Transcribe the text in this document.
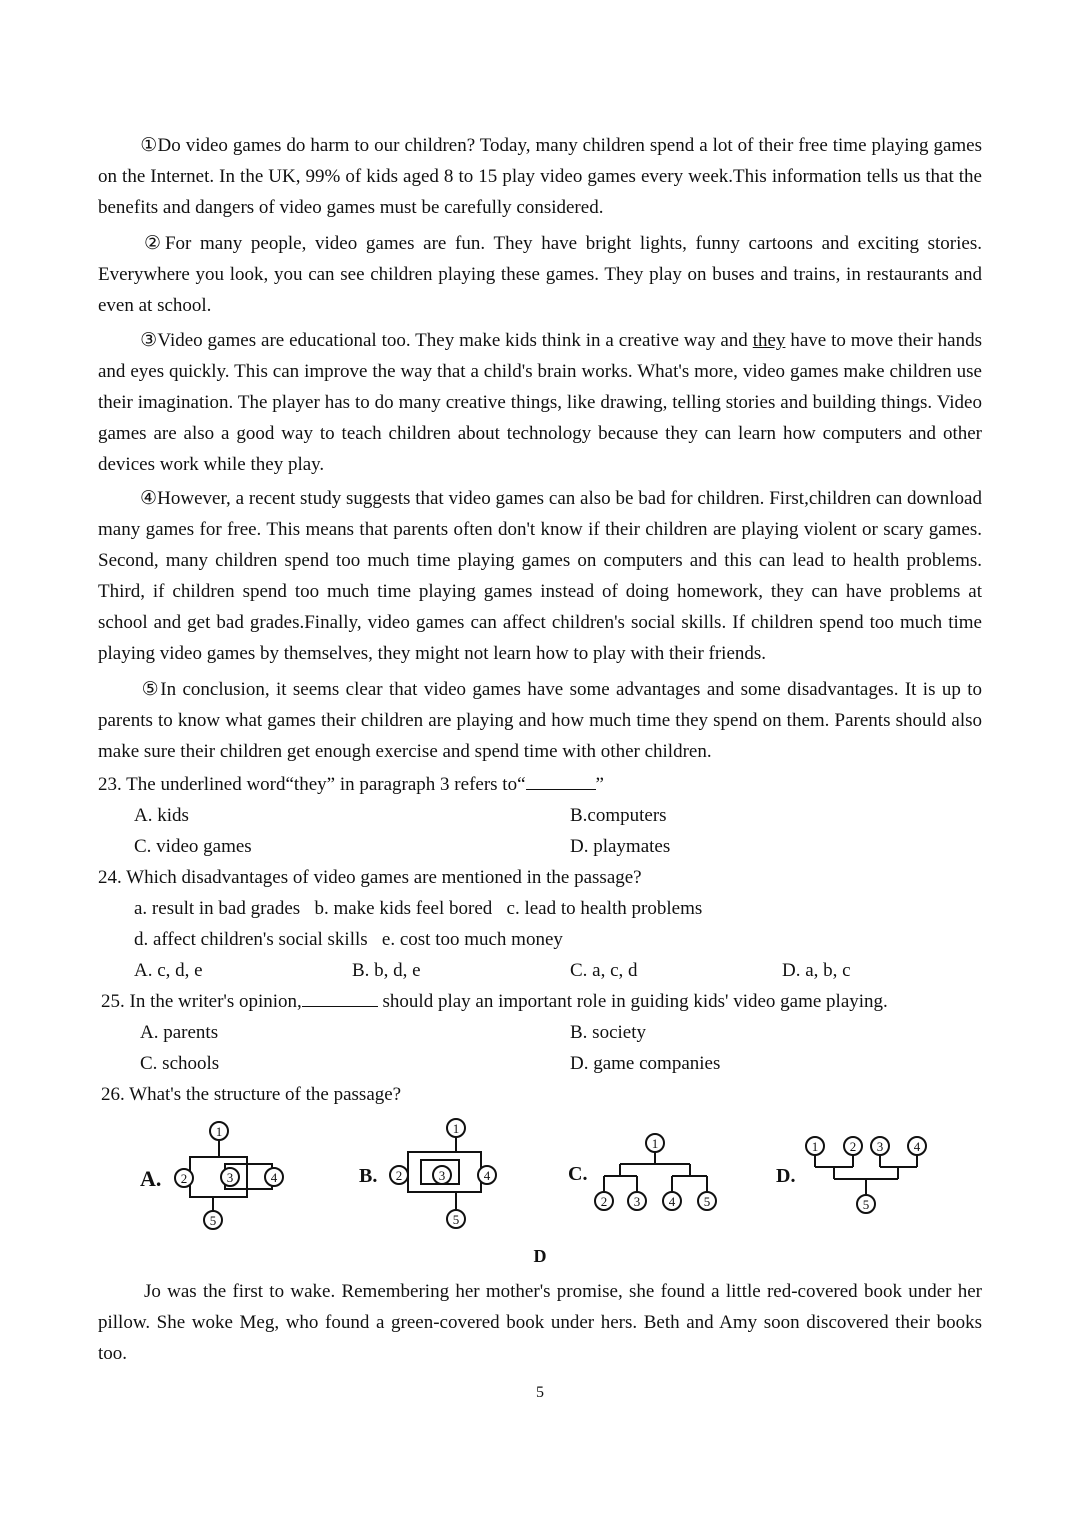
①Do video games do harm to our children? Today, many children spend a lot of their free time playing games on the Internet. In the UK, 99% of kids aged 8 to 15 play video games every week.This information tells us that the benefits and dangers of video games must be carefully considered.

②For many people, video games are fun. They have bright lights, funny cartoons and exciting stories. Everywhere you look, you can see children playing these games. They play on buses and trains, in restaurants and even at school.

③Video games are educational too. They make kids think in a creative way and they have to move their hands and eyes quickly. This can improve the way that a child's brain works. What's more, video games make children use their imagination. The player has to do many creative things, like drawing, telling stories and building things. Video games are also a good way to teach children about technology because they can learn how computers and other devices work while they play.

④However, a recent study suggests that video games can also be bad for children. First,children can download many games for free. This means that parents often don't know if their children are playing violent or scary games. Second, many children spend too much time playing games on computers and this can lead to health problems. Third, if children spend too much time playing games instead of doing homework, they can have problems at school and get bad grades.Finally, video games can affect children's social skills. If children spend too much time playing video games by themselves, they might not learn how to play with their friends.

⑤In conclusion, it seems clear that video games have some advantages and some disadvantages. It is up to parents to know what games their children are playing and how much time they spend on them. Parents should also make sure their children get enough exercise and spend time with other children.

23. The underlined word“they” in paragraph 3 refers to“	”
A. kids	B.computers
C. video games	D. playmates
24. Which disadvantages of video games are mentioned in the passage?
a. result in bad grades b. make kids feel bored c. lead to health problems
d. affect children's social skills e. cost too much money
A. c, d, e	B. b, d, e	C. a, c, d	D. a, b, c
25. In the writer's opinion,	should play an important role in guiding kids' video game playing.
A. parents	B. society
C. schools	D. game companies
26. What's the structure of the passage?
A.
1
2	3	4
5
B.
1
2	3	4
5
C.
1
2 3 4 5
D.
1 2 3 4
5
D

Jo was the first to wake. Remembering her mother's promise, she found a little red-covered book under her pillow. She woke Meg, who found a green-covered book under hers. Beth and Amy soon discovered their books too.

5
